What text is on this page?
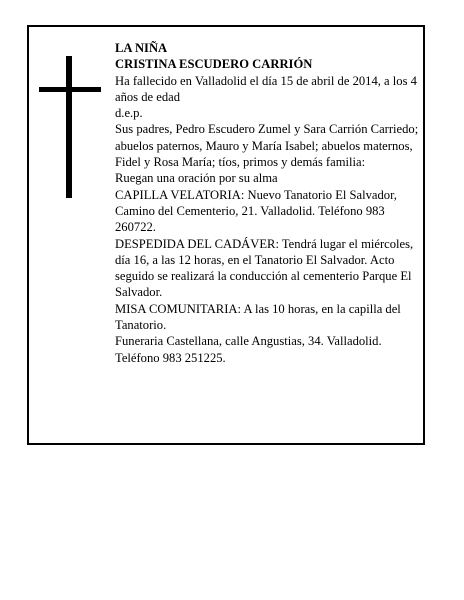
LA NIÑA

CRISTINA ESCUDERO CARRIÓN

Ha fallecido en Valladolid el día 15 de abril de 2014, a los 4 años de edad

d.e.p.

Sus padres, Pedro Escudero Zumel y Sara Carrión Carriedo; abuelos paternos, Mauro y María Isabel; abuelos maternos, Fidel y Rosa María; tíos, primos y demás familia:

Ruegan una oración por su alma

CAPILLA VELATORIA: Nuevo Tanatorio El Salvador, Camino del Cementerio, 21. Valladolid. Teléfono 983 260722.

DESPEDIDA DEL CADÁVER: Tendrá lugar el miércoles, día 16, a las 12 horas, en el Tanatorio El Salvador. Acto seguido se realizará la conducción al cementerio Parque El Salvador.

MISA COMUNITARIA: A las 10 horas, en la capilla del Tanatorio.

Funeraria Castellana, calle Angustias, 34. Valladolid. Teléfono 983 251225.
